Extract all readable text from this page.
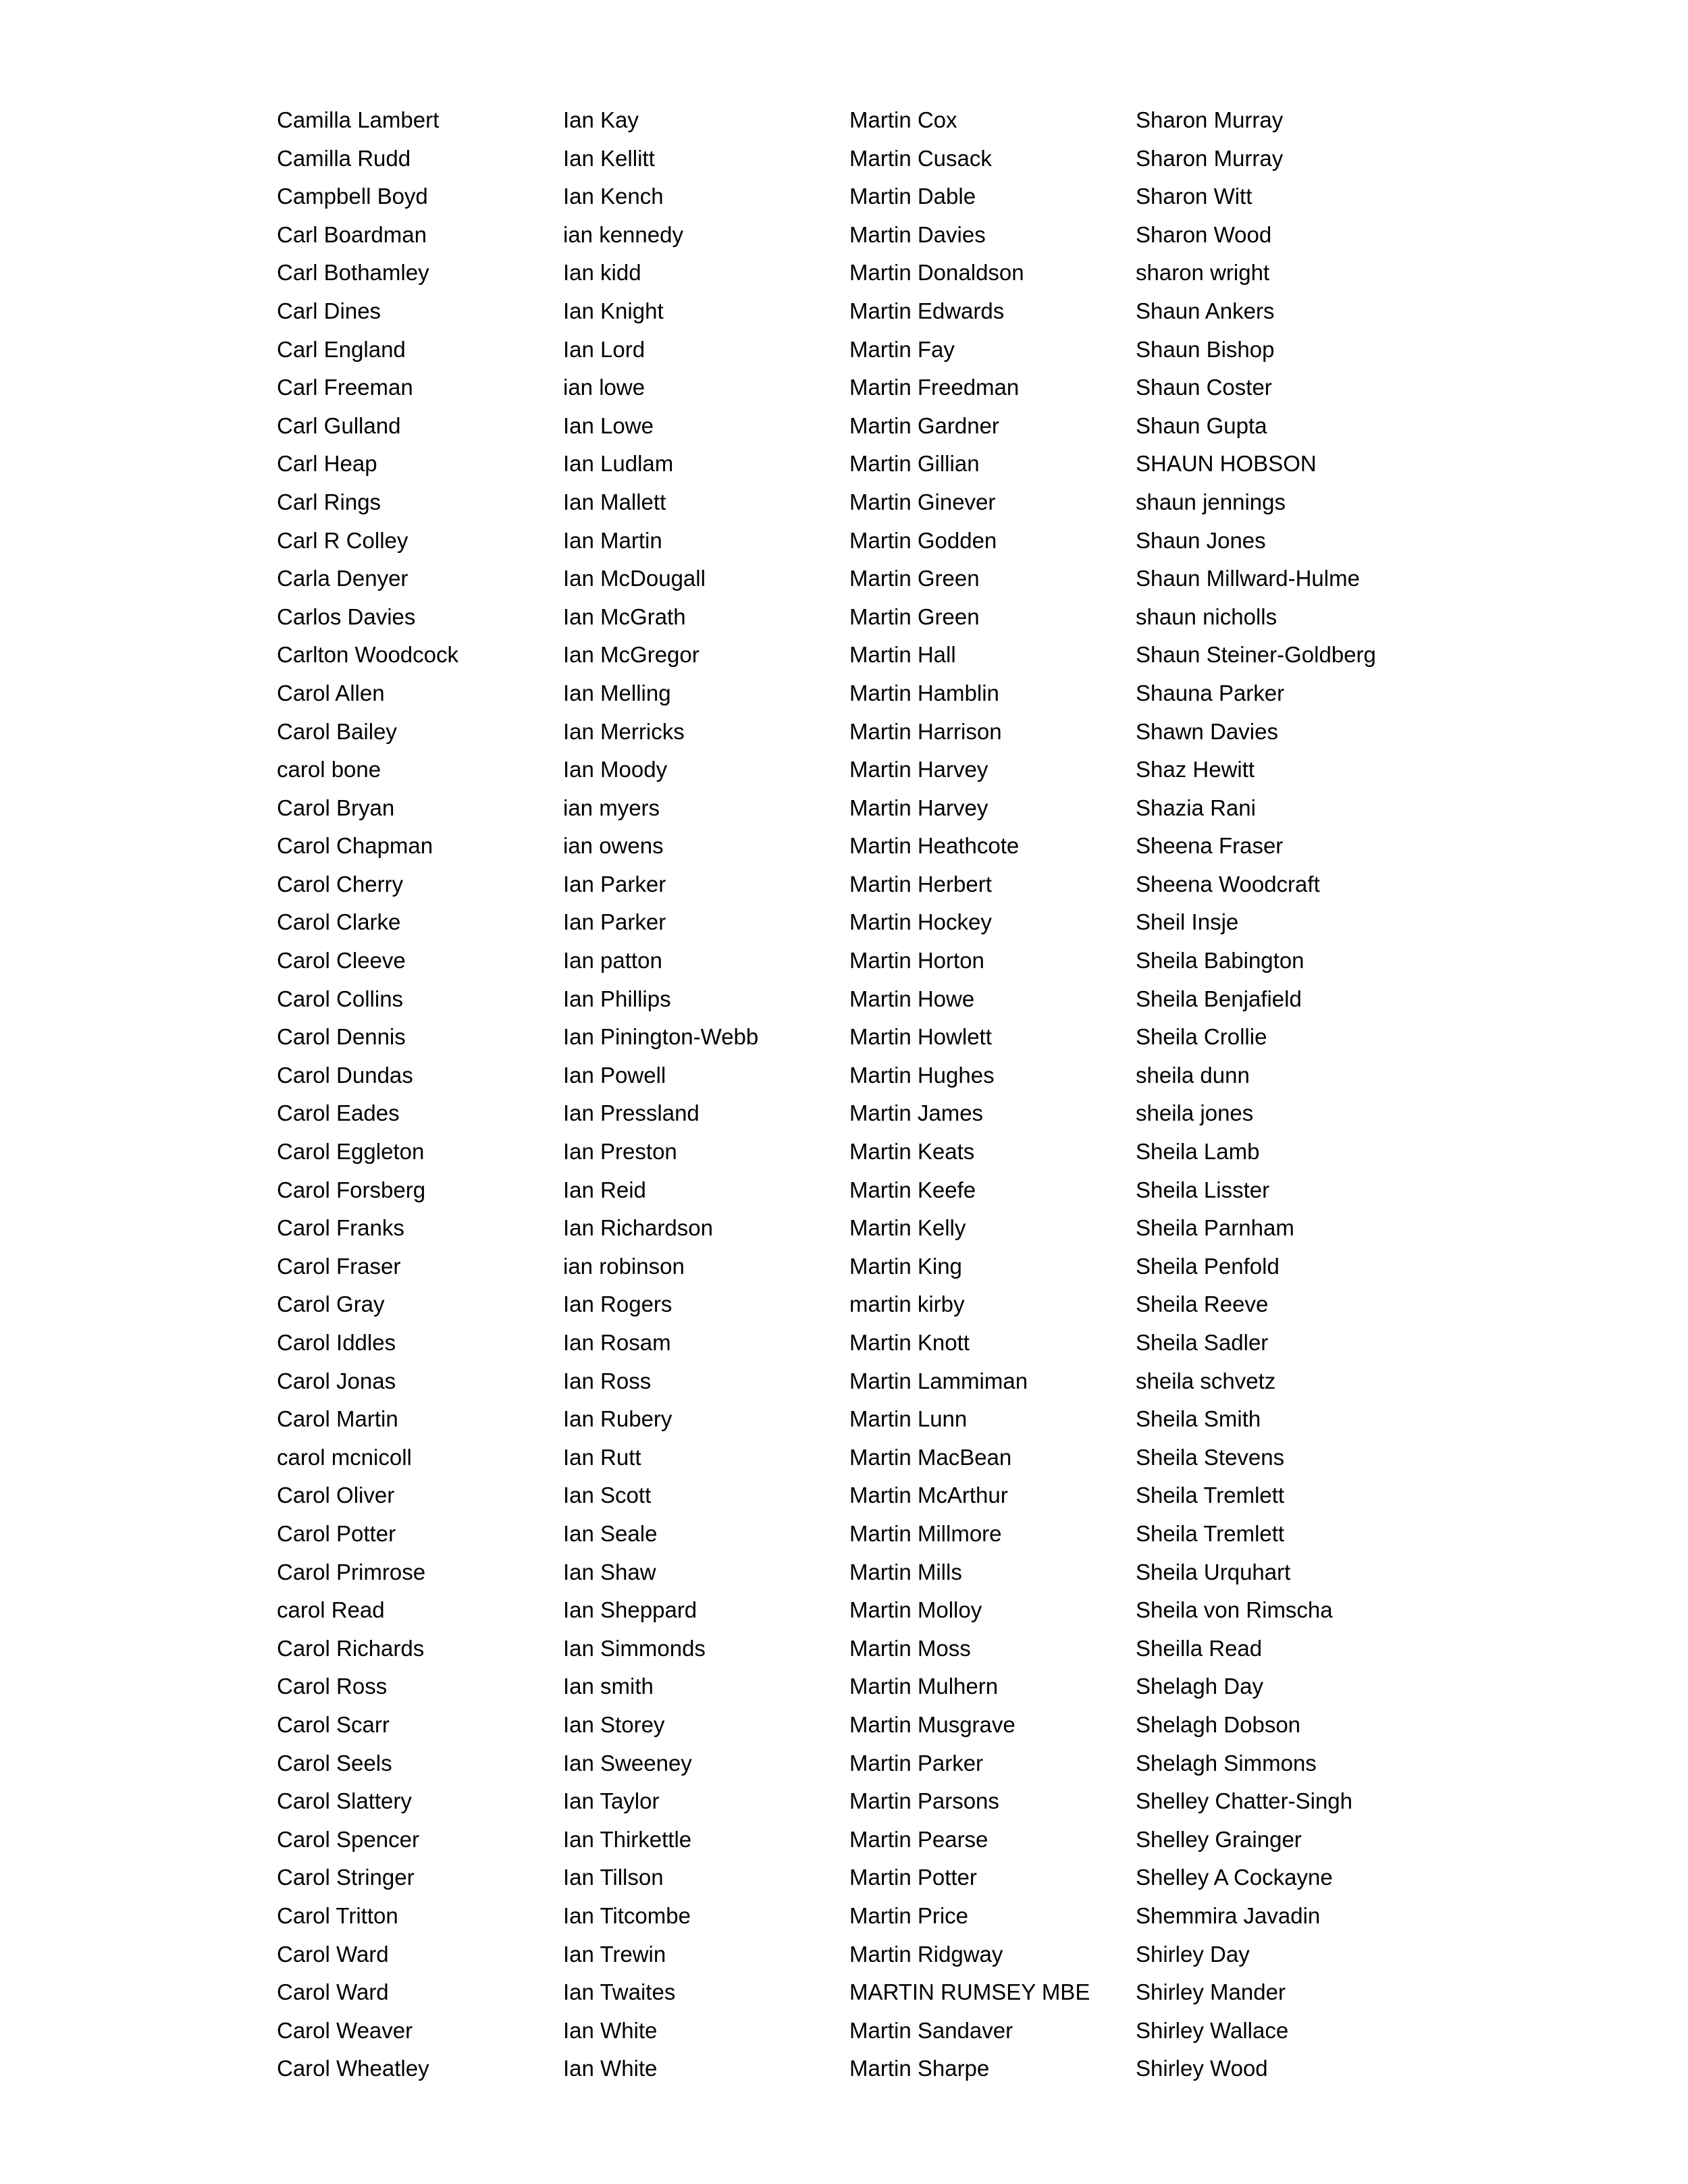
Camilla Lambert
Camilla Rudd
Campbell Boyd
Carl Boardman
Carl Bothamley
Carl Dines
Carl England
Carl Freeman
Carl Gulland
Carl Heap
Carl Rings
Carl R Colley
Carla Denyer
Carlos Davies
Carlton Woodcock
Carol Allen
Carol Bailey
carol bone
Carol Bryan
Carol Chapman
Carol Cherry
Carol Clarke
Carol Cleeve
Carol Collins
Carol Dennis
Carol Dundas
Carol Eades
Carol Eggleton
Carol Forsberg
Carol Franks
Carol Fraser
Carol Gray
Carol Iddles
Carol Jonas
Carol Martin
carol mcnicoll
Carol Oliver
Carol Potter
Carol Primrose
carol Read
Carol Richards
Carol Ross
Carol Scarr
Carol Seels
Carol Slattery
Carol Spencer
Carol Stringer
Carol Tritton
Carol Ward
Carol Ward
Carol Weaver
Carol Wheatley
Ian Kay
Ian Kellitt
Ian Kench
ian kennedy
Ian kidd
Ian Knight
Ian Lord
ian lowe
Ian Lowe
Ian Ludlam
Ian Mallett
Ian Martin
Ian McDougall
Ian McGrath
Ian McGregor
Ian Melling
Ian Merricks
Ian Moody
ian myers
ian owens
Ian Parker
Ian Parker
Ian patton
Ian Phillips
Ian Pinington-Webb
Ian Powell
Ian Pressland
Ian Preston
Ian Reid
Ian Richardson
ian robinson
Ian Rogers
Ian Rosam
Ian Ross
Ian Rubery
Ian Rutt
Ian Scott
Ian Seale
Ian Shaw
Ian Sheppard
Ian Simmonds
Ian smith
Ian Storey
Ian Sweeney
Ian Taylor
Ian Thirkettle
Ian Tillson
Ian Titcombe
Ian Trewin
Ian Twaites
Ian White
Ian White
Martin Cox
Martin Cusack
Martin Dable
Martin Davies
Martin Donaldson
Martin Edwards
Martin Fay
Martin Freedman
Martin Gardner
Martin Gillian
Martin Ginever
Martin Godden
Martin Green
Martin Green
Martin Hall
Martin Hamblin
Martin Harrison
Martin Harvey
Martin Harvey
Martin Heathcote
Martin Herbert
Martin Hockey
Martin Horton
Martin Howe
Martin Howlett
Martin Hughes
Martin James
Martin Keats
Martin Keefe
Martin Kelly
Martin King
martin kirby
Martin Knott
Martin Lammiman
Martin Lunn
Martin MacBean
Martin McArthur
Martin Millmore
Martin Mills
Martin Molloy
Martin Moss
Martin Mulhern
Martin Musgrave
Martin Parker
Martin Parsons
Martin Pearse
Martin Potter
Martin Price
Martin Ridgway
MARTIN RUMSEY MBE
Martin Sandaver
Martin Sharpe
Sharon Murray
Sharon Murray
Sharon Witt
Sharon Wood
sharon wright
Shaun Ankers
Shaun Bishop
Shaun Coster
Shaun Gupta
SHAUN HOBSON
shaun jennings
Shaun Jones
Shaun Millward-Hulme
shaun nicholls
Shaun Steiner-Goldberg
Shauna Parker
Shawn Davies
Shaz Hewitt
Shazia Rani
Sheena Fraser
Sheena Woodcraft
Sheil Insje
Sheila Babington
Sheila Benjafield
Sheila Crollie
sheila dunn
sheila jones
Sheila Lamb
Sheila Lisster
Sheila Parnham
Sheila Penfold
Sheila Reeve
Sheila Sadler
sheila schvetz
Sheila Smith
Sheila Stevens
Sheila Tremlett
Sheila Tremlett
Sheila Urquhart
Sheila von Rimscha
Sheilla Read
Shelagh Day
Shelagh Dobson
Shelagh Simmons
Shelley Chatter-Singh
Shelley Grainger
Shelley A Cockayne
Shemmira Javadin
Shirley Day
Shirley Mander
Shirley Wallace
Shirley Wood
